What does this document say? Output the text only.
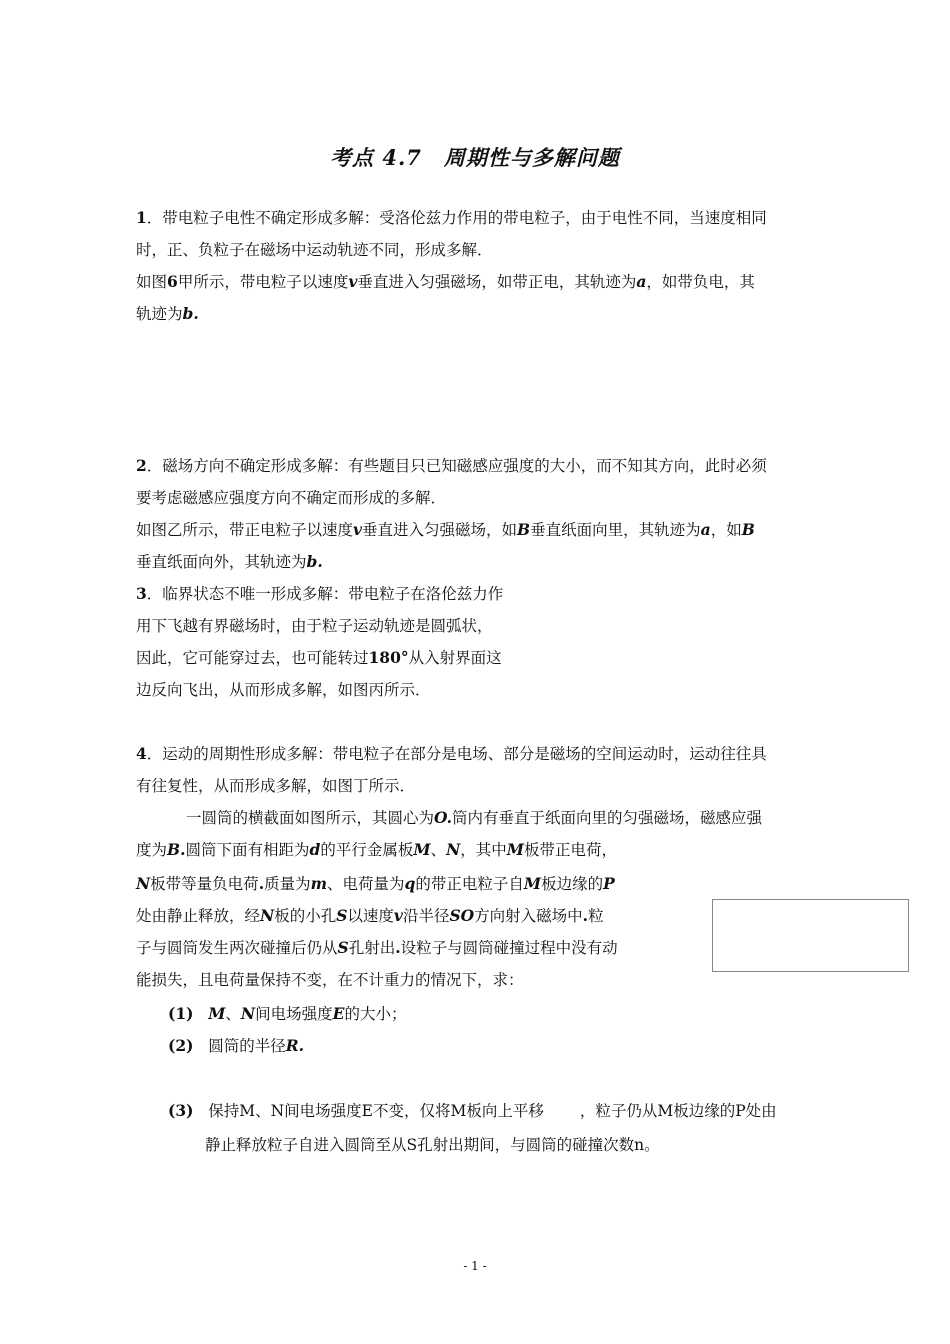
考点 4.7　周期性与多解问题
1．带电粒子电性不确定形成多解：受洛伦兹力作用的带电粒子，由于电性不同，当速度相同
时，正、负粒子在磁场中运动轨迹不同，形成多解．
如图6甲所示，带电粒子以速度v垂直进入匀强磁场，如带正电，其轨迹为a，如带负电，其
轨迹为b.
2．磁场方向不确定形成多解：有些题目只已知磁感应强度的大小，而不知其方向，此时必须
要考虑磁感应强度方向不确定而形成的多解．
如图乙所示，带正电粒子以速度v垂直进入匀强磁场，如B垂直纸面向里，其轨迹为a，如B
垂直纸面向外，其轨迹为b.
3．临界状态不唯一形成多解：带电粒子在洛伦兹力作
用下飞越有界磁场时，由于粒子运动轨迹是圆弧状，
因此，它可能穿过去，也可能转过180°从入射界面这
边反向飞出，从而形成多解，如图丙所示．
4．运动的周期性形成多解：带电粒子在部分是电场、部分是磁场的空间运动时，运动往往具
有往复性，从而形成多解，如图丁所示．
一圆筒的横截面如图所示，其圆心为O.筒内有垂直于纸面向里的匀强磁场，磁感应强
度为B.圆筒下面有相距为d的平行金属板M、N，其中M板带正电荷，
N板带等量负电荷.质量为m、电荷量为q的带正电粒子自M板边缘的P
处由静止释放，经N板的小孔S以速度v沿半径SO方向射入磁场中.粒
子与圆筒发生两次碰撞后仍从S孔射出.设粒子与圆筒碰撞过程中没有动
能损失，且电荷量保持不变，在不计重力的情况下，求：
(1) M、N间电场强度E的大小；
(2) 圆筒的半径R.
(3) 保持M、N间电场强度E不变，仅将M板向上平移 ，粒子仍从M板边缘的P处由
静止释放粒子自进入圆筒至从S孔射出期间，与圆筒的碰撞次数n。
- 1 -
